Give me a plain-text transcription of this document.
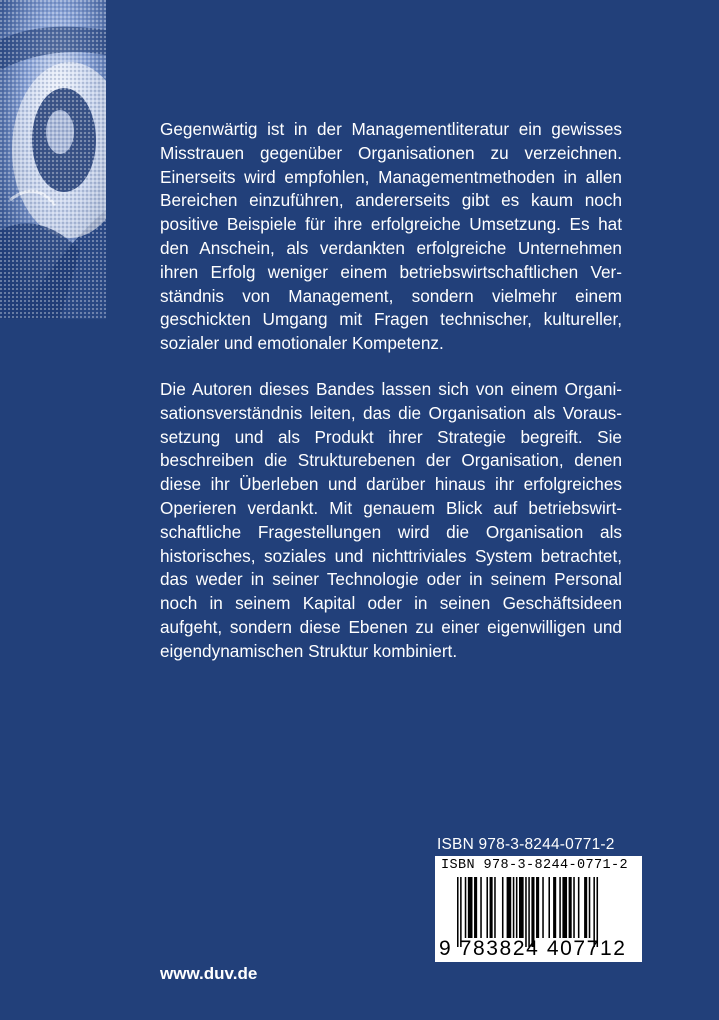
Gegenwärtig ist in der Managementliteratur ein gewisses Misstrauen gegenüber Organisationen zu verzeichnen. Einerseits wird empfohlen, Managementmethoden in allen Bereichen einzuführen, andererseits gibt es kaum noch positive Beispiele für ihre erfolgreiche Umsetzung. Es hat den Anschein, als verdankten erfolgreiche Unternehmen ihren Erfolg weniger einem betriebswirtschaftlichen Verständnis von Management, sondern vielmehr einem geschickten Umgang mit Fragen technischer, kultureller, sozialer und emotionaler Kompetenz.

Die Autoren dieses Bandes lassen sich von einem Organisationsverständnis leiten, das die Organisation als Voraussetzung und als Produkt ihrer Strategie begreift. Sie beschreiben die Strukturebenen der Organisation, denen diese ihr Überleben und darüber hinaus ihr erfolgreiches Operieren verdankt. Mit genauem Blick auf betriebswirtschaftliche Fragestellungen wird die Organisation als historisches, soziales und nichttriviales System betrachtet, das weder in seiner Technologie oder in seinem Personal noch in seinem Kapital oder in seinen Geschäftsideen aufgeht, sondern diese Ebenen zu einer eigenwilligen und eigendynamischen Struktur kombiniert.

ISBN 978-3-8244-0771-2
ISBN 978-3-8244-0771-2
9 783824 407712
www.duv.de
